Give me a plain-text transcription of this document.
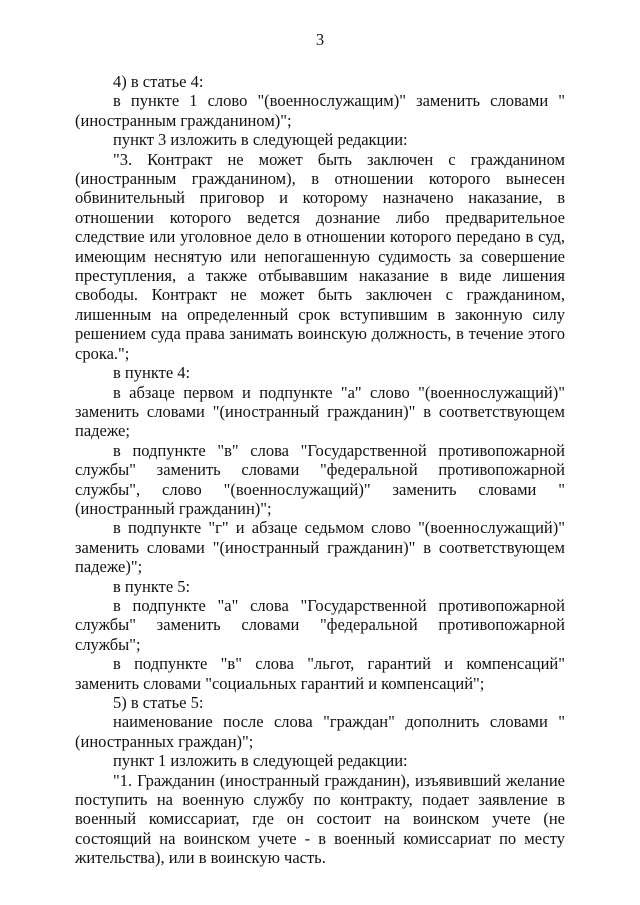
3

4) в статье 4:

в пункте 1 слово "(военнослужащим)" заменить словами "(иностранным гражданином)";

пункт 3 изложить в следующей редакции:

"3. Контракт не может быть заключен с гражданином (иностранным гражданином), в отношении которого вынесен обвинительный приговор и которому назначено наказание, в отношении которого ведется дознание либо предварительное следствие или уголовное дело в отношении которого передано в суд, имеющим неснятую или непогашенную судимость за совершение преступления, а также отбывавшим наказание в виде лишения свободы. Контракт не может быть заключен с гражданином, лишенным на определенный срок вступившим в законную силу решением суда права занимать воинскую должность, в течение этого срока.";

в пункте 4:

в абзаце первом и подпункте "а" слово "(военнослужащий)" заменить словами "(иностранный гражданин)" в соответствующем падеже;

в подпункте "в" слова "Государственной противопожарной службы" заменить словами "федеральной противопожарной службы", слово "(военнослужащий)" заменить словами "(иностранный гражданин)";

в подпункте "г" и абзаце седьмом слово "(военнослужащий)" заменить словами "(иностранный гражданин)" в соответствующем падеже)";

в пункте 5:

в подпункте "а" слова "Государственной противопожарной службы" заменить словами "федеральной противопожарной службы";

в подпункте "в" слова "льгот, гарантий и компенсаций" заменить словами "социальных гарантий и компенсаций";

5) в статье 5:

наименование после слова "граждан" дополнить словами "(иностранных граждан)";

пункт 1 изложить в следующей редакции:

"1. Гражданин (иностранный гражданин), изъявивший желание поступить на военную службу по контракту, подает заявление в военный комиссариат, где он состоит на воинском учете (не состоящий на воинском учете - в военный комиссариат по месту жительства), или в воинскую часть.
